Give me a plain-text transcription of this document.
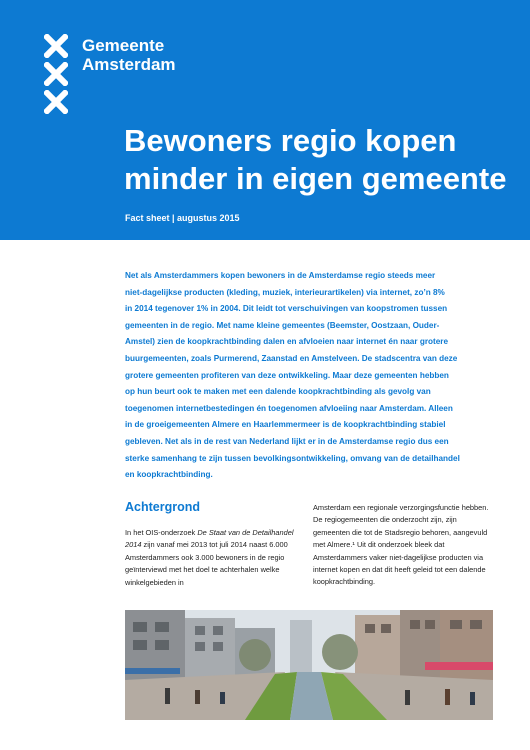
Gemeente
Amsterdam
Bewoners regio kopen
minder in eigen gemeente
Fact sheet | augustus 2015
Net als Amsterdammers kopen bewoners in de Amsterdamse regio steeds meer
niet-dagelijkse producten (kleding, muziek, interieurartikelen) via internet, zo’n 8%
in 2014 tegenover 1% in 2004. Dit leidt tot verschuivingen van koopstromen tussen
gemeenten in de regio. Met name kleine gemeentes (Beemster, Oostzaan, Ouder-
Amstel) zien de koopkrachtbinding dalen en afvloeien naar internet én naar grotere
buurgemeenten, zoals Purmerend, Zaanstad en Amstelveen. De stadscentra van deze
grotere gemeenten profiteren van deze ontwikkeling. Maar deze gemeenten hebben
op hun beurt ook te maken met een dalende koopkrachtbinding als gevolg van
toegenomen internetbestedingen én toegenomen afvloeiing naar Amsterdam. Alleen
in de groeigemeenten Almere en Haarlemmermeer is de koopkrachtbinding stabiel
gebleven. Net als in de rest van Nederland lijkt er in de Amsterdamse regio dus een
sterke samenhang te zijn tussen bevolkingsontwikkeling, omvang van de detailhandel
en koopkrachtbinding.
Achtergrond
In het OIS-onderzoek De Staat van de Detailhandel 2014 zijn vanaf mei 2013 tot juli 2014 naast 6.000 Amsterdammers ook 3.000 bewoners in de regio geïnterviewd met het doel te achterhalen welke winkelgebieden in
Amsterdam een regionale verzorgingsfunctie hebben. De regiogemeenten die onderzocht zijn, zijn gemeenten die tot de Stadsregio behoren, aangevuld met Almere.¹ Uit dit onderzoek bleek dat Amsterdammers vaker niet-dagelijkse producten via internet kopen en dat dit heeft geleid tot een dalende koopkrachtbinding.
